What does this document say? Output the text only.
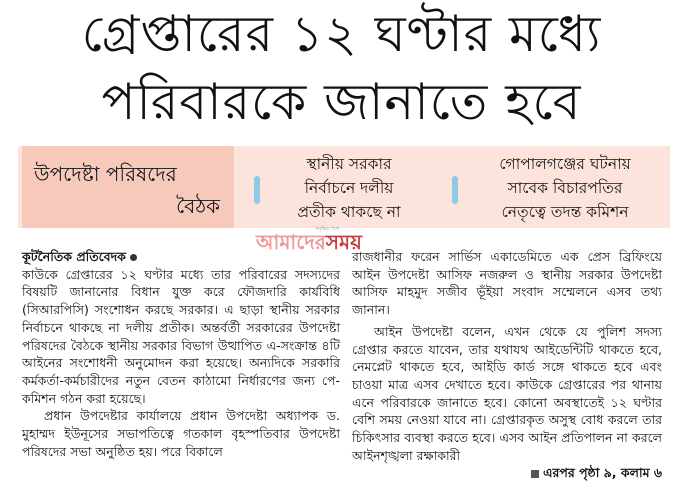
গ্রেপ্তারের ১২ ঘণ্টার মধ্যে
পরিবারকে জানাতে হবে
উপদেষ্টা পরিষদের
বৈঠক
স্থানীয় সরকার
নির্বাচনে দলীয়
প্রতীক থাকছে না
গোপালগঞ্জের ঘটনায়
সাবেক বিচারপতির
নেতৃত্বে তদন্ত কমিশন
সমৃদ্ধির পথে
আমাদেরসময়

কূটনৈতিক প্রতিবেদক

কাউকে গ্রেপ্তারের ১২ ঘণ্টার মধ্যে তার পরিবারের সদস্যদের বিষয়টি জানানোর বিধান যুক্ত করে ফৌজদারি কার্যবিধি (সিআরপিসি) সংশোধন করছে সরকার। এ ছাড়া স্থানীয় সরকার নির্বাচনে থাকছে না দলীয় প্রতীক। অন্তর্বর্তী সরকারের উপদেষ্টা পরিষদের বৈঠকে স্থানীয় সরকার বিভাগ উত্থাপিত এ-সংক্রান্ত ৪টি আইনের সংশোধনী অনুমোদন করা হয়েছে। অন্যদিকে সরকারি কর্মকর্তা-কর্মচারীদের নতুন বেতন কাঠামো নির্ধারণের জন্য পে-কমিশন গঠন করা হয়েছে।

প্রধান উপদেষ্টার কার্যালয়ে প্রধান উপদেষ্টা অধ্যাপক ড. মুহাম্মদ ইউনূসের সভাপতিত্বে গতকাল বৃহস্পতিবার উপদেষ্টা পরিষদের সভা অনুষ্ঠিত হয়। পরে বিকালে

রাজধানীর ফরেন সার্ভিস একাডেমিতে এক প্রেস ব্রিফিংয়ে আইন উপদেষ্টা আসিফ নজরুল ও স্থানীয় সরকার উপদেষ্টা আসিফ মাহমুদ সজীব ভূঁইয়া সংবাদ সম্মেলনে এসব তথ্য জানান।

আইন উপদেষ্টা বলেন, এখন থেকে যে পুলিশ সদস্য গ্রেপ্তার করতে যাবেন, তার যথাযথ আইডেন্টিটি থাকতে হবে, নেমপ্লেট থাকতে হবে, আইডি কার্ড সঙ্গে থাকতে হবে এবং চাওয়া মাত্র এসব দেখাতে হবে। কাউকে গ্রেপ্তারের পর থানায় এনে পরিবারকে জানাতে হবে। কোনো অবস্থাতেই ১২ ঘণ্টার বেশি সময় নেওয়া যাবে না। গ্রেপ্তারকৃত অসুস্থ বোধ করলে তার চিকিৎসার ব্যবস্থা করতে হবে। এসব আইন প্রতিপালন না করলে আইনশৃঙ্খলা রক্ষাকারী

এরপর পৃষ্ঠা ৯, কলাম ৬
